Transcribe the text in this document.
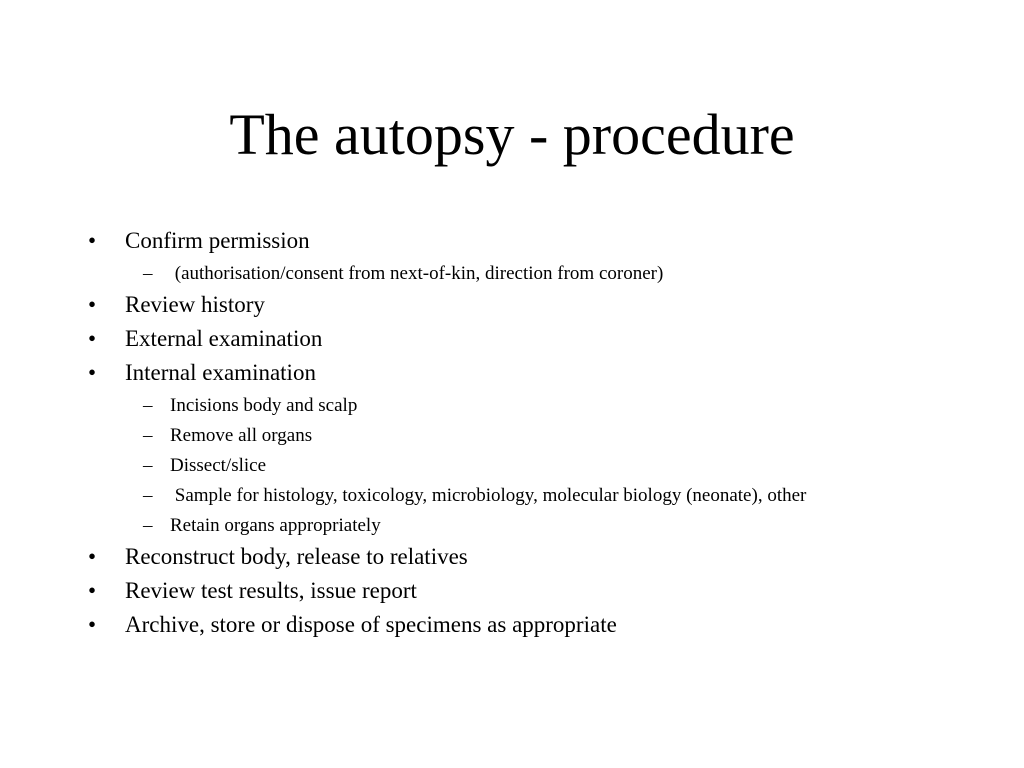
The autopsy - procedure
• Confirm permission
– (authorisation/consent from next-of-kin, direction from coroner)
• Review history
• External examination
• Internal examination
– Incisions body and scalp
– Remove all organs
– Dissect/slice
– Sample for histology, toxicology, microbiology, molecular biology (neonate), other
– Retain organs appropriately
• Reconstruct body, release to relatives
• Review test results, issue report
• Archive, store or dispose of specimens as appropriate
